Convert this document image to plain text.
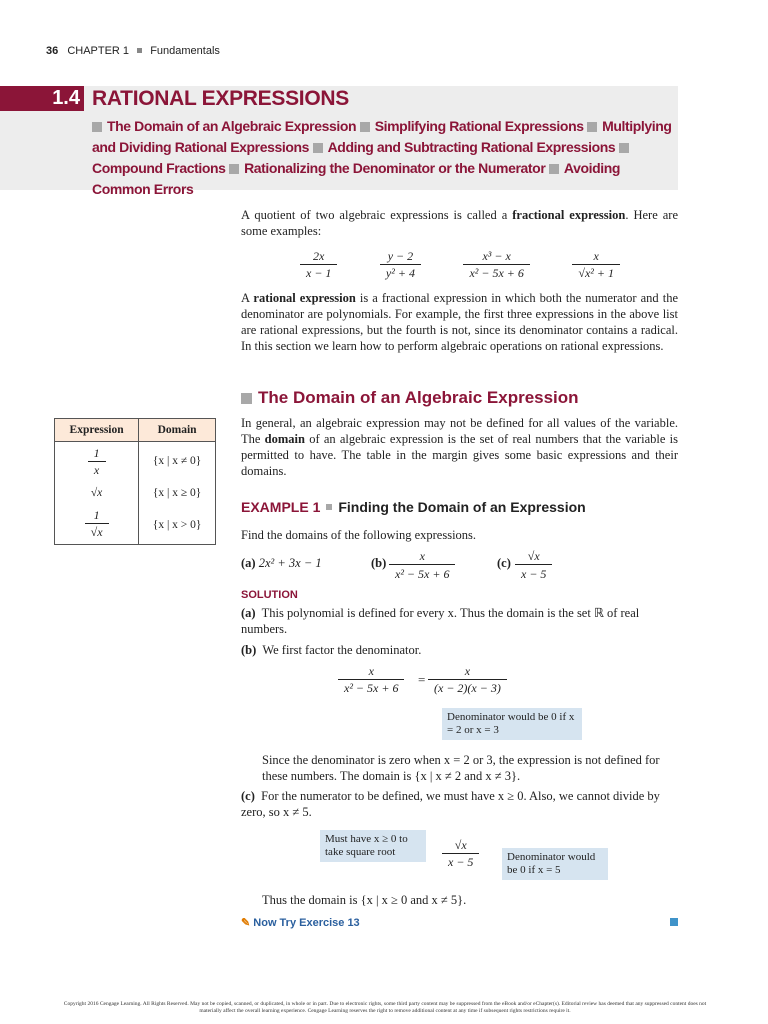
36 CHAPTER 1 Fundamentals
1.4 RATIONAL EXPRESSIONS
The Domain of an Algebraic Expression Simplifying Rational Expressions Multiplying and Dividing Rational Expressions Adding and Subtracting Rational Expressions Compound Fractions Rationalizing the Denominator or the Numerator Avoiding Common Errors
A quotient of two algebraic expressions is called a fractional expression. Here are some examples:
$\frac{2x}{x - 1}$	$\frac{y - 2}{\text{y² + 4}}$	$\frac{\text{x³ − x}}{\text{x² − 5x + 6}}$	$\frac{x}{\text{√x² + 1}}$
A rational expression is a fractional expression in which both the numerator and the denominator are polynomials. For example, the first three expressions in the above list are rational expressions, but the fourth is not, since its denominator contains a radical. In this section we learn how to perform algebraic operations on rational expressions.
The Domain of an Algebraic Expression
In general, an algebraic expression may not be defined for all values of the variable. The domain of an algebraic expression is the set of real numbers that the variable is permitted to have. The table in the margin gives some basic expressions and their domains.
Expression	Domain

$\frac{1}{x}$	{x | x ≠ 0}
√x	{x | x ≥ 0}

$\frac{1}{√x}$	{x | x > 0}
EXAMPLE 1 Finding the Domain of an Expression
Find the domains of the following expressions.
(a) 2x² + 3x − 1	$(b) \frac{x}{\text{x² − 5x + 6}}$	$(c) \frac{√x}{x - 5}$
SOLUTION
(a) This polynomial is defined for every x. Thus the domain is the set ℝ of real numbers.
(b) We first factor the denominator.
$\frac{x}{\text{x² − 5x + 6}} = \frac{x}{(x - 2)(x - 3)}$
Denominator would be 0 if x = 2 or x = 3
Since the denominator is zero when x = 2 or 3, the expression is not defined for these numbers. The domain is {x | x ≠ 2 and x ≠ 3}.
(c) For the numerator to be defined, we must have x ≥ 0. Also, we cannot divide by zero, so x ≠ 5.
Must have x ≥ 0 to take square root	$\frac{√x}{x - 5}$	Denominator would be 0 if x = 5
Thus the domain is {x | x ≥ 0 and x ≠ 5}.
✎ Now Try Exercise 13
Copyright 2016 Cengage Learning. All Rights Reserved. May not be copied, scanned, or duplicated, in whole or in part. Due to electronic rights, some third party content may be suppressed from the eBook and/or eChapter(s). Editorial review has deemed that any suppressed content does not materially affect the overall learning experience. Cengage Learning reserves the right to remove additional content at any time if subsequent rights restrictions require it.
